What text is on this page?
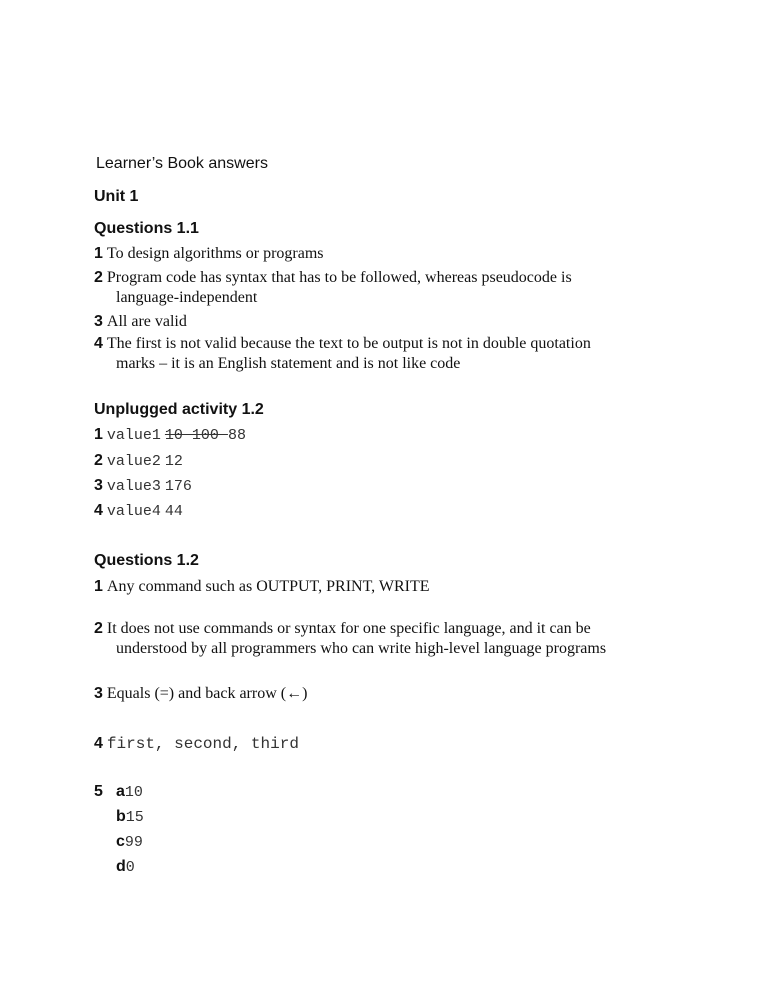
Learner’s Book answers
Unit 1
Questions 1.1
1 To design algorithms or programs
2 Program code has syntax that has to be followed, whereas pseudocode is
language-independent
3 All are valid
4 The first is not valid because the text to be output is not in double quotation
marks – it is an English statement and is not like code
Unplugged activity 1.2
1 value1 10 100 88
2 value2 12
3 value3 176
4 value4 44
Questions 1.2
1 Any command such as OUTPUT, PRINT, WRITE
2 It does not use commands or syntax for one specific language, and it can be
understood by all programmers who can write high-level language programs
3 Equals (=) and back arrow (←)
4 first, second, third
5 a10
b15
c99
d0
